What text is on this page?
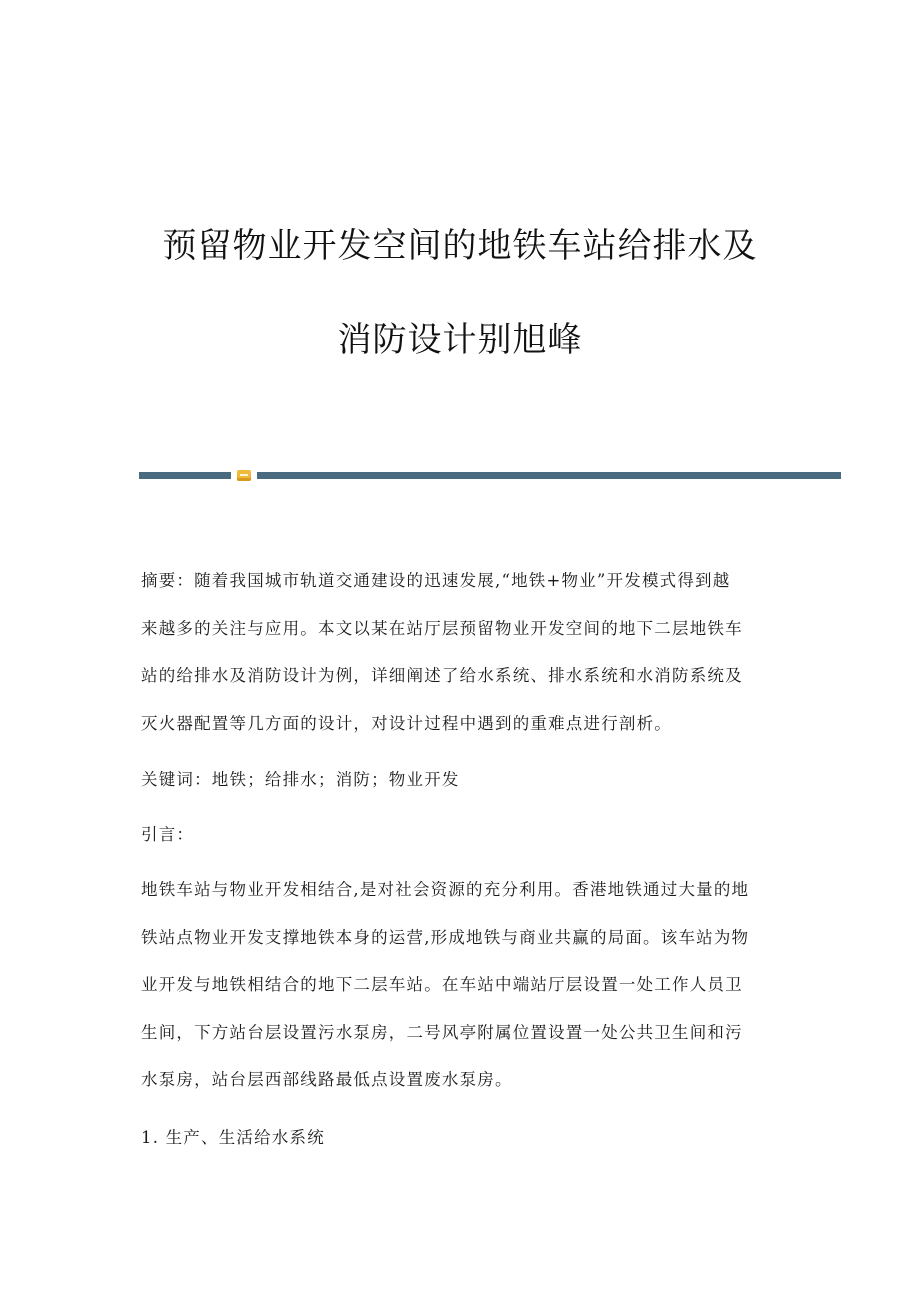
预留物业开发空间的地铁车站给排水及
消防设计别旭峰
摘要：随着我国城市轨道交通建设的迅速发展,“地铁+物业”开发模式得到越
来越多的关注与应用。本文以某在站厅层预留物业开发空间的地下二层地铁车
站的给排水及消防设计为例，详细阐述了给水系统、排水系统和水消防系统及
灭火器配置等几方面的设计，对设计过程中遇到的重难点进行剖析。
关键词：地铁；给排水；消防；物业开发
引言：
地铁车站与物业开发相结合,是对社会资源的充分利用。香港地铁通过大量的地
铁站点物业开发支撑地铁本身的运营,形成地铁与商业共赢的局面。该车站为物
业开发与地铁相结合的地下二层车站。在车站中端站厅层设置一处工作人员卫
生间，下方站台层设置污水泵房，二号风亭附属位置设置一处公共卫生间和污
水泵房，站台层西部线路最低点设置废水泵房。
1. 生产、生活给水系统
